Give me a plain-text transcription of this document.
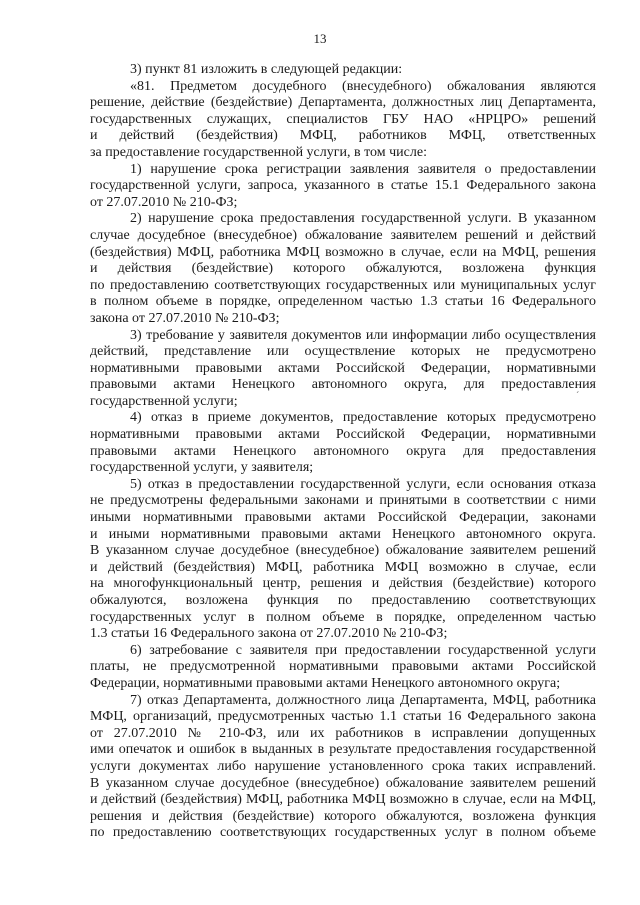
13
3) пункт 81 изложить в следующей редакции:
«81. Предметом досудебного (внесудебного) обжалования являются
решение, действие (бездействие) Департамента, должностных лиц Департамента,
государственных служащих, специалистов ГБУ НАО «НРЦРО» решений
и действий (бездействия) МФЦ, работников МФЦ, ответственных
за предоставление государственной услуги, в том числе:
1) нарушение срока регистрации заявления заявителя о предоставлении
государственной услуги, запроса, указанного в статье 15.1 Федерального закона
от 27.07.2010 № 210-ФЗ;
2) нарушение срока предоставления государственной услуги. В указанном
случае досудебное (внесудебное) обжалование заявителем решений и действий
(бездействия) МФЦ, работника МФЦ возможно в случае, если на МФЦ, решения
и действия (бездействие) которого обжалуются, возложена функция
по предоставлению соответствующих государственных или муниципальных услуг
в полном объеме в порядке, определенном частью 1.3 статьи 16 Федерального
закона от 27.07.2010 № 210-ФЗ;
3) требование у заявителя документов или информации либо осуществления
действий, представление или осуществление которых не предусмотрено
нормативными правовыми актами Российской Федерации, нормативными
правовыми актами Ненецкого автономного округа, для предоставления
государственной услуги;
4) отказ в приеме документов, предоставление которых предусмотрено
нормативными правовыми актами Российской Федерации, нормативными
правовыми актами Ненецкого автономного округа для предоставления
государственной услуги, у заявителя;
5) отказ в предоставлении государственной услуги, если основания отказа
не предусмотрены федеральными законами и принятыми в соответствии с ними
иными нормативными правовыми актами Российской Федерации, законами
и иными нормативными правовыми актами Ненецкого автономного округа.
В указанном случае досудебное (внесудебное) обжалование заявителем решений
и действий (бездействия) МФЦ, работника МФЦ возможно в случае, если
на многофункциональный центр, решения и действия (бездействие) которого
обжалуются, возложена функция по предоставлению соответствующих
государственных услуг в полном объеме в порядке, определенном частью
1.3 статьи 16 Федерального закона от 27.07.2010 № 210-ФЗ;
6) затребование с заявителя при предоставлении государственной услуги
платы, не предусмотренной нормативными правовыми актами Российской
Федерации, нормативными правовыми актами Ненецкого автономного округа;
7) отказ Департамента, должностного лица Департамента, МФЦ, работника
МФЦ, организаций, предусмотренных частью 1.1 статьи 16 Федерального закона
от 27.07.2010 № 210-ФЗ, или их работников в исправлении допущенных
ими опечаток и ошибок в выданных в результате предоставления государственной
услуги документах либо нарушение установленного срока таких исправлений.
В указанном случае досудебное (внесудебное) обжалование заявителем решений
и действий (бездействия) МФЦ, работника МФЦ возможно в случае, если на МФЦ,
решения и действия (бездействие) которого обжалуются, возложена функция
по предоставлению соответствующих государственных услуг в полном объеме
´
